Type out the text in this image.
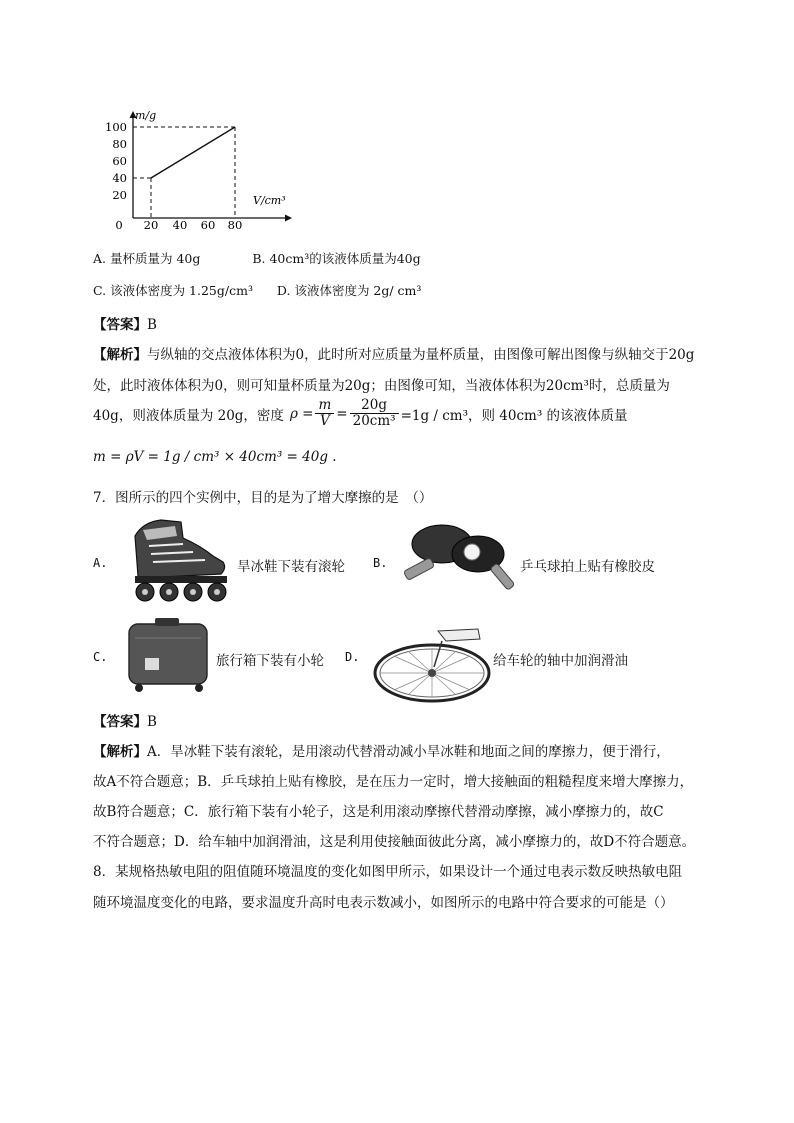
m/g
V/cm³
100
80
60
40
20
0 20 40 60 80
A. 量杯质量为 40g	B. 40cm³的该液体质量为40g
C. 该液体密度为 1.25g/cm³ D. 该液体密度为 2g/ cm³
【答案】B
【解析】与纵轴的交点液体体积为0，此时所对应质量为量杯质量，由图像可解出图像与纵轴交于20g
处，此时液体体积为0，则可知量杯质量为20g；由图像可知，当液体体积为20cm³时，总质量为
40g，则液体质量为 20g，密度 $\rho = \frac{m}{V} = \frac{20g}{\text{20cm³}} =1g / cm^3$，则 40cm³ 的该液体质量
m = ρV = 1g / cm³ × 40cm³ = 40g .
7．图所示的四个实例中，目的是为了增大摩擦的是　（）
A.	旱冰鞋下装有滚轮 B.	乒乓球拍上贴有橡胶皮
C.	旅行箱下装有小轮 D.	给车轮的轴中加润滑油
【答案】B
【解析】A．旱冰鞋下装有滚轮，是用滚动代替滑动减小旱冰鞋和地面之间的摩擦力，便于滑行，
故A不符合题意；B．乒乓球拍上贴有橡胶，是在压力一定时，增大接触面的粗糙程度来增大摩擦力，
故B符合题意；C．旅行箱下装有小轮子，这是利用滚动摩擦代替滑动摩擦，减小摩擦力的，故C
不符合题意；D．给车轴中加润滑油，这是利用使接触面彼此分离，减小摩擦力的，故D不符合题意。
8．某规格热敏电阻的阻值随环境温度的变化如图甲所示，如果设计一个通过电表示数反映热敏电阻
随环境温度变化的电路，要求温度升高时电表示数减小，如图所示的电路中符合要求的可能是（）
